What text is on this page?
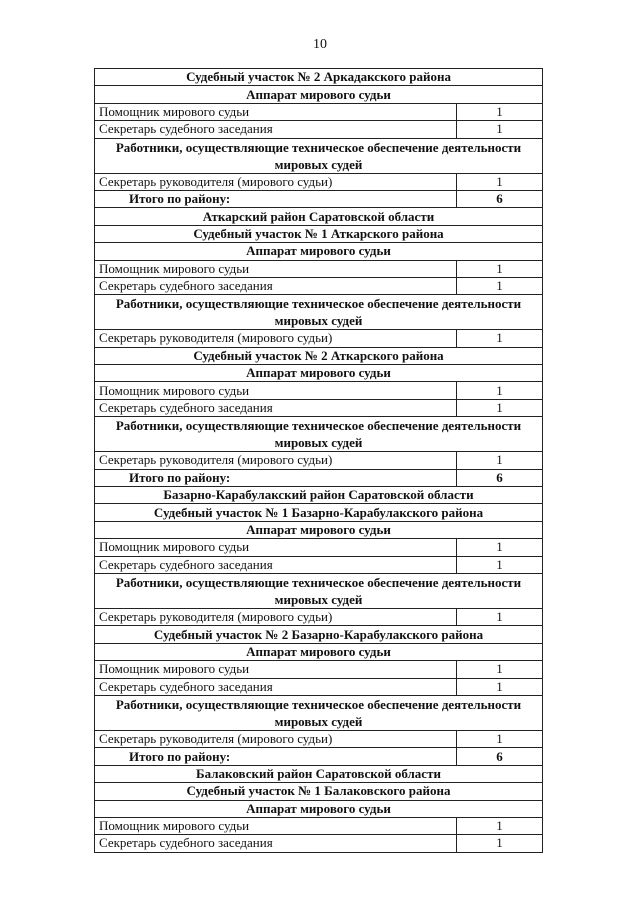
10
Судебный участок № 2 Аркадакского района	
Аппарат мирового судьи	
Помощник мирового судьи	1
Секретарь судебного заседания	1
Работники, осуществляющие техническое обеспечение деятельности мировых судей	
Секретарь руководителя (мирового судьи)	1
Итого по району:	6
Аткарский район Саратовской области	
Судебный участок № 1 Аткарского района	
Аппарат мирового судьи	
Помощник мирового судьи	1
Секретарь судебного заседания	1
Работники, осуществляющие техническое обеспечение деятельности мировых судей	
Секретарь руководителя (мирового судьи)	1
Судебный участок № 2 Аткарского района	
Аппарат мирового судьи	
Помощник мирового судьи	1
Секретарь судебного заседания	1
Работники, осуществляющие техническое обеспечение деятельности мировых судей	
Секретарь руководителя (мирового судьи)	1
Итого по району:	6
Базарно-Карабулакский район Саратовской области	
Судебный участок № 1 Базарно-Карабулакского района	
Аппарат мирового судьи	
Помощник мирового судьи	1
Секретарь судебного заседания	1
Работники, осуществляющие техническое обеспечение деятельности мировых судей	
Секретарь руководителя (мирового судьи)	1
Судебный участок № 2 Базарно-Карабулакского района	
Аппарат мирового судьи	
Помощник мирового судьи	1
Секретарь судебного заседания	1
Работники, осуществляющие техническое обеспечение деятельности мировых судей	
Секретарь руководителя (мирового судьи)	1
Итого по району:	6
Балаковский район Саратовской области	
Судебный участок № 1 Балаковского района	
Аппарат мирового судьи	
Помощник мирового судьи	1
Секретарь судебного заседания	1
